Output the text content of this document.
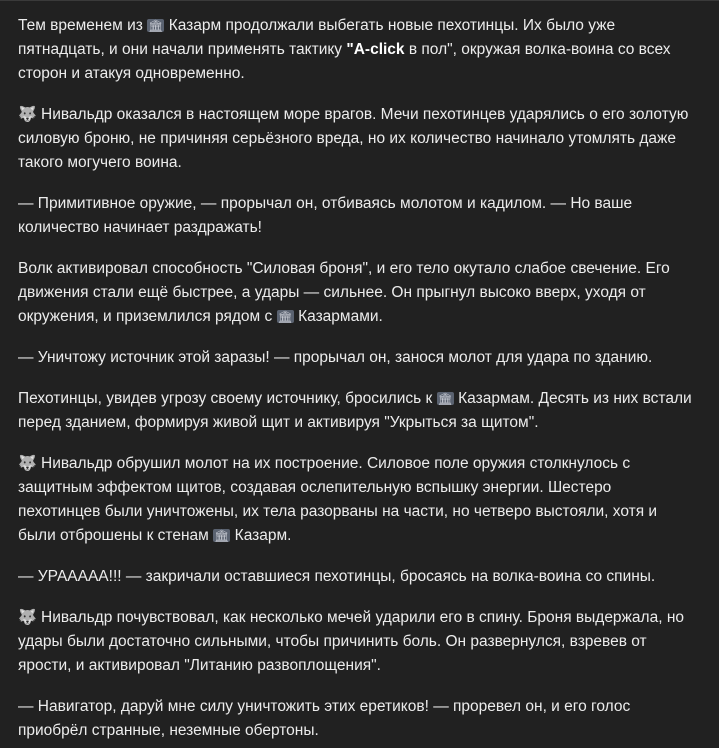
Тем временем из 🏛 Казарм продолжали выбегать новые пехотинцы. Их было уже пятнадцать, и они начали применять тактику "A-click в пол", окружая волка-воина со всех сторон и атакуя одновременно.

🐺 Нивальдр оказался в настоящем море врагов. Мечи пехотинцев ударялись о его золотую силовую броню, не причиняя серьёзного вреда, но их количество начинало утомлять даже такого могучего воина.

— Примитивное оружие, — прорычал он, отбиваясь молотом и кадилом. — Но ваше количество начинает раздражать!

Волк активировал способность "Силовая броня", и его тело окутало слабое свечение. Его движения стали ещё быстрее, а удары — сильнее. Он прыгнул высоко вверх, уходя от окружения, и приземлился рядом с 🏛 Казармами.

— Уничтожу источник этой заразы! — прорычал он, занося молот для удара по зданию.

Пехотинцы, увидев угрозу своему источнику, бросились к 🏛 Казармам. Десять из них встали перед зданием, формируя живой щит и активируя "Укрыться за щитом".

🐺 Нивальдр обрушил молот на их построение. Силовое поле оружия столкнулось с защитным эффектом щитов, создавая ослепительную вспышку энергии. Шестеро пехотинцев были уничтожены, их тела разорваны на части, но четверо выстояли, хотя и были отброшены к стенам 🏛 Казарм.

— УРААААА!!! — закричали оставшиеся пехотинцы, бросаясь на волка-воина со спины.

🐺 Нивальдр почувствовал, как несколько мечей ударили его в спину. Броня выдержала, но удары были достаточно сильными, чтобы причинить боль. Он развернулся, взревев от ярости, и активировал "Литанию развоплощения".

— Навигатор, даруй мне силу уничтожить этих еретиков! — проревел он, и его голос приобрёл странные, неземные обертоны.
